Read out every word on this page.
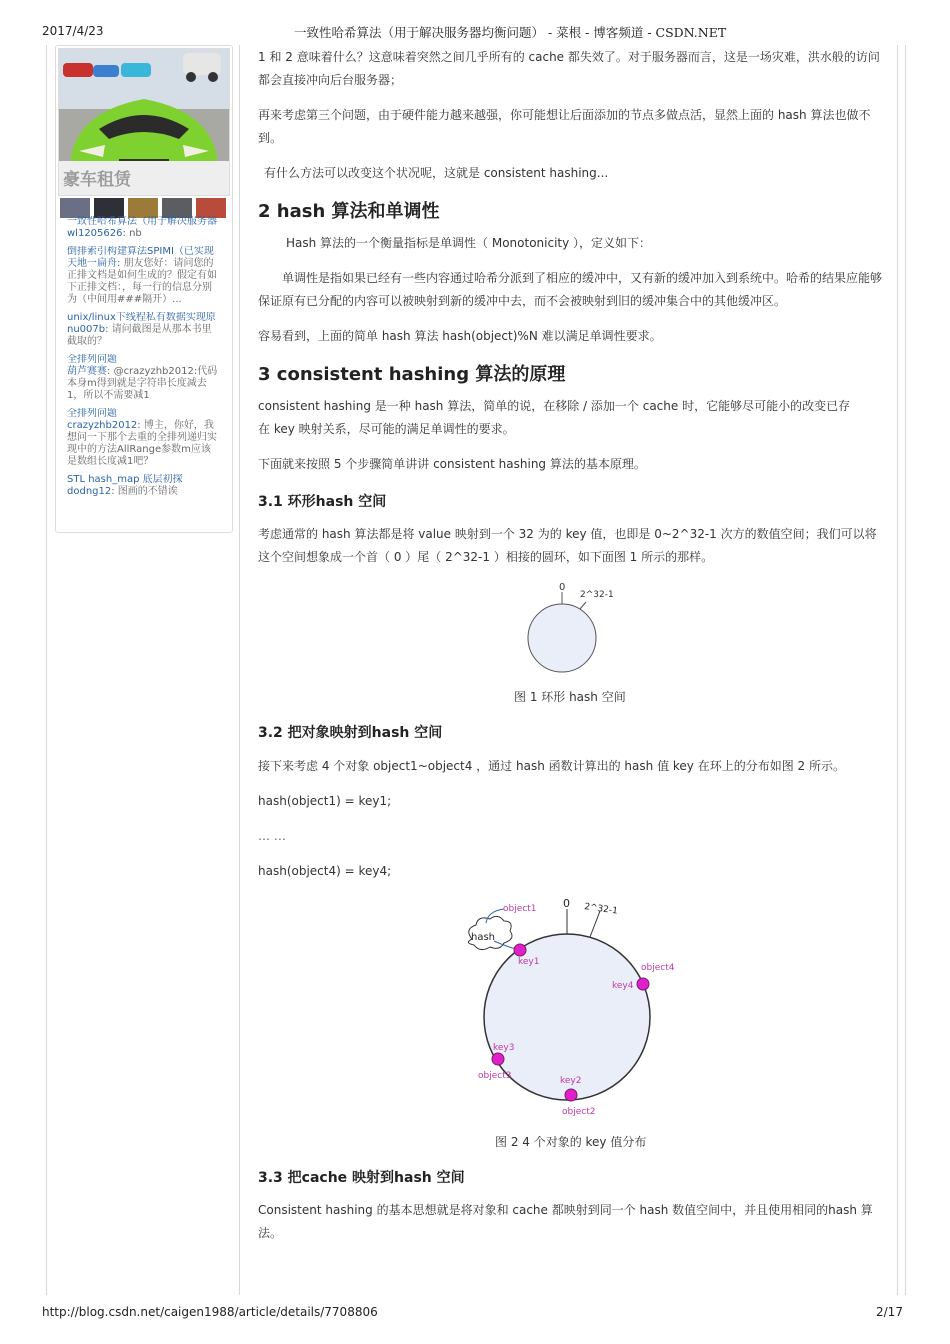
2017/4/23	一致性哈希算法（用于解决服务器均衡问题） - 菜根 - 博客频道 - CSDN.NET
http://blog.csdn.net/caigen1988/article/details/7708806	2/17
豪车租赁
一致性哈希算法（用于解决服务器
wl1205626: nb
倒排索引构建算法SPIMI（已实现
天地一扁舟: 朋友您好：请问您的正排文档是如何生成的？假定有如下正排文档：，每一行的信息分别为（中间用###隔开）...
unix/linux下线程私有数据实现原
nu007b: 请问截图是从那本书里截取的？
全排列问题
葫芦赛赛: @crazyzhb2012:代码本身m得到就是字符串长度减去1，所以不需要减1
全排列问题
crazyzhb2012: 博主，你好，我想问一下那个去重的全排列递归实现中的方法AllRange参数m应该是数组长度减1吧？
STL hash_map 底层初探
dodng12: 图画的不错诶
1 和 2 意味着什么？这意味着突然之间几乎所有的 cache 都失效了。对于服务器而言，这是一场灾难，洪水般的访问都会直接冲向后台服务器；
再来考虑第三个问题，由于硬件能力越来越强，你可能想让后面添加的节点多做点活，显然上面的 hash 算法也做不到。
有什么方法可以改变这个状况呢，这就是 consistent hashing...
2 hash 算法和单调性
Hash 算法的一个衡量指标是单调性（ Monotonicity ），定义如下：
单调性是指如果已经有一些内容通过哈希分派到了相应的缓冲中，又有新的缓冲加入到系统中。哈希的结果应能够保证原有已分配的内容可以被映射到新的缓冲中去，而不会被映射到旧的缓冲集合中的其他缓冲区。
容易看到，上面的简单 hash 算法 hash(object)%N 难以满足单调性要求。
3 consistent hashing 算法的原理
consistent hashing 是一种 hash 算法，简单的说，在移除 / 添加一个 cache 时，它能够尽可能小的改变已存在 key 映射关系，尽可能的满足单调性的要求。
下面就来按照 5 个步骤简单讲讲 consistent hashing 算法的基本原理。
3.1 环形hash 空间
考虑通常的 hash 算法都是将 value 映射到一个 32 为的 key 值，也即是 0~2^32-1 次方的数值空间；我们可以将这个空间想象成一个首（ 0 ）尾（ 2^32-1 ）相接的圆环，如下面图 1 所示的那样。
0
2^32-1
图 1 环形 hash 空间
3.2 把对象映射到hash 空间
接下来考虑 4 个对象 object1~object4 ，通过 hash 函数计算出的 hash 值 key 在环上的分布如图 2 所示。
hash(object1) = key1;
… …
hash(object4) = key4;
0 2^32-1
hash
object1
key1
object4
key4
key3
object3	key2
object2
图 2 4 个对象的 key 值分布
3.3 把cache 映射到hash 空间
Consistent hashing 的基本思想就是将对象和 cache 都映射到同一个 hash 数值空间中，并且使用相同的hash 算法。
